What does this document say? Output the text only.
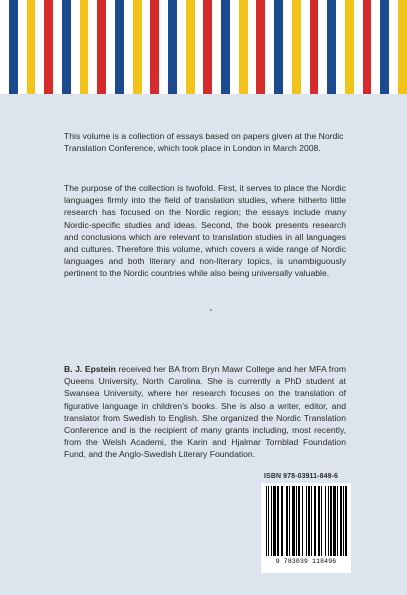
This volume is a collection of essays based on papers given at the Nordic Translation Conference, which took place in London in March 2008.

The purpose of the collection is twofold. First, it serves to place the Nordic languages firmly into the field of translation studies, where hitherto little research has focused on the Nordic region; the essays include many Nordic-specific studies and ideas. Second, the book presents research and conclusions which are relevant to translation studies in all languages and cultures. Therefore this volume, which covers a wide range of Nordic languages and both literary and non-literary topics, is unambiguously pertinent to the Nordic countries while also being universally valuable.

B. J. Epstein received her BA from Bryn Mawr College and her MFA from Queens University, North Carolina. She is currently a PhD student at Swansea University, where her research focuses on the translation of figurative language in children’s books. She is also a writer, editor, and translator from Swedish to English. She organized the Nordic Translation Conference and is the recipient of many grants including, most recently, from the Welsh Academi, the Karin and Hjalmar Tornblad Foundation Fund, and the Anglo-Swedish Literary Foundation.

ISBN 978-03911-849-6
9 783039 118496
